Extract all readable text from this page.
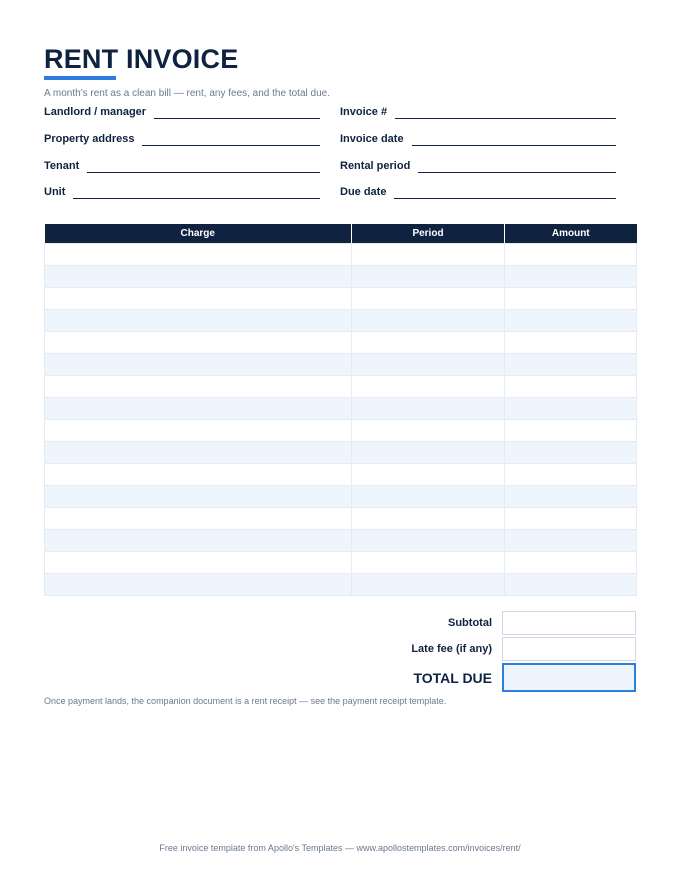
RENT INVOICE
A month's rent as a clean bill — rent, any fees, and the total due.
Landlord / manager
Property address
Tenant
Unit
Invoice #
Invoice date
Rental period
Due date
Charge	Period	Amount

Subtotal
Late fee (if any)
TOTAL DUE
Once payment lands, the companion document is a rent receipt — see the payment receipt template.
Free invoice template from Apollo's Templates — www.apollostemplates.com/invoices/rent/
